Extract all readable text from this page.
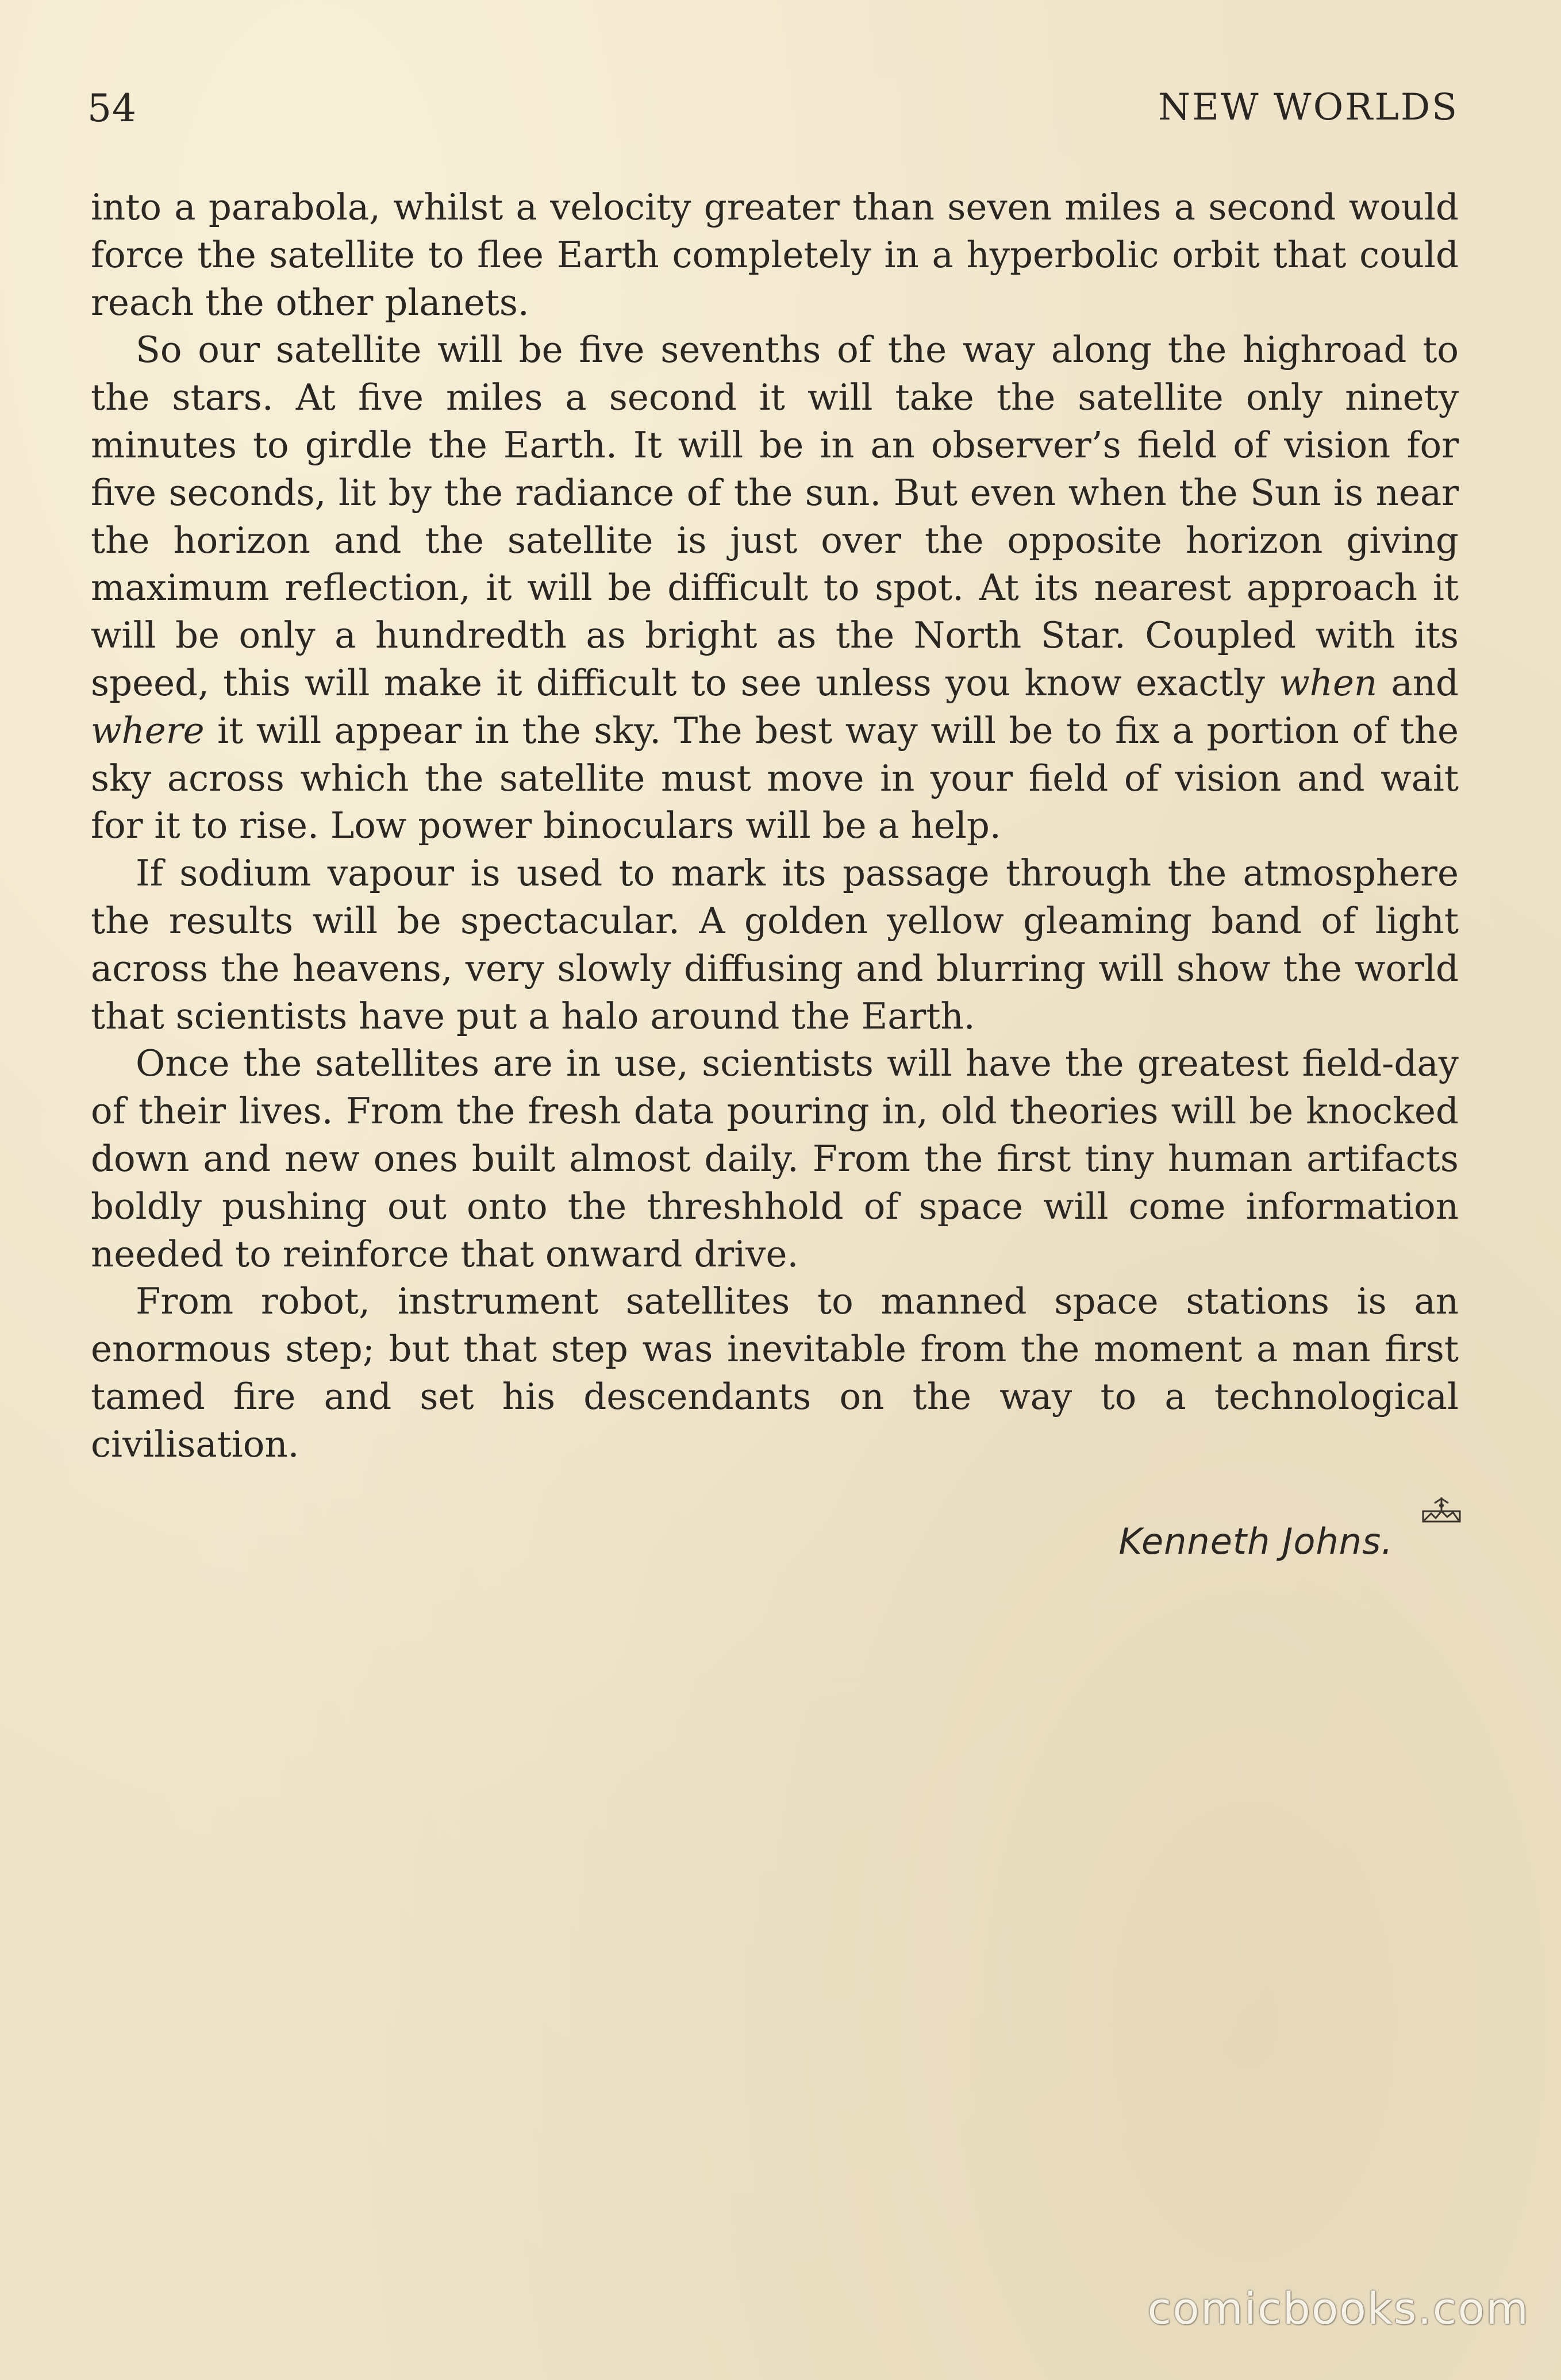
54	NEW WORLDS

into a parabola, whilst a velocity greater than seven miles a second would force the satellite to flee Earth completely in a hyperbolic orbit that could reach the other planets.

So our satellite will be five sevenths of the way along the highroad to the stars. At five miles a second it will take the satellite only ninety minutes to girdle the Earth. It will be in an observer’s field of vision for five seconds, lit by the radiance of the sun. But even when the Sun is near the horizon and the satellite is just over the opposite horizon giving maximum reflection, it will be difficult to spot. At its nearest approach it will be only a hundredth as bright as the North Star. Coupled with its speed, this will make it difficult to see unless you know exactly when and where it will appear in the sky. The best way will be to fix a portion of the sky across which the satellite must move in your field of vision and wait for it to rise. Low power binoculars will be a help.

If sodium vapour is used to mark its passage through the atmosphere the results will be spectacular. A golden yellow gleaming band of light across the heavens, very slowly diffusing and blurring will show the world that scientists have put a halo around the Earth.

Once the satellites are in use, scientists will have the greatest field-day of their lives. From the fresh data pouring in, old theories will be knocked down and new ones built almost daily. From the first tiny human artifacts boldly pushing out onto the threshhold of space will come information needed to reinforce that onward drive.

From robot, instrument satellites to manned space stations is an enormous step; but that step was inevitable from the moment a man first tamed fire and set his descendants on the way to a technological civilisation.

Kenneth Johns.
comicbooks.com
